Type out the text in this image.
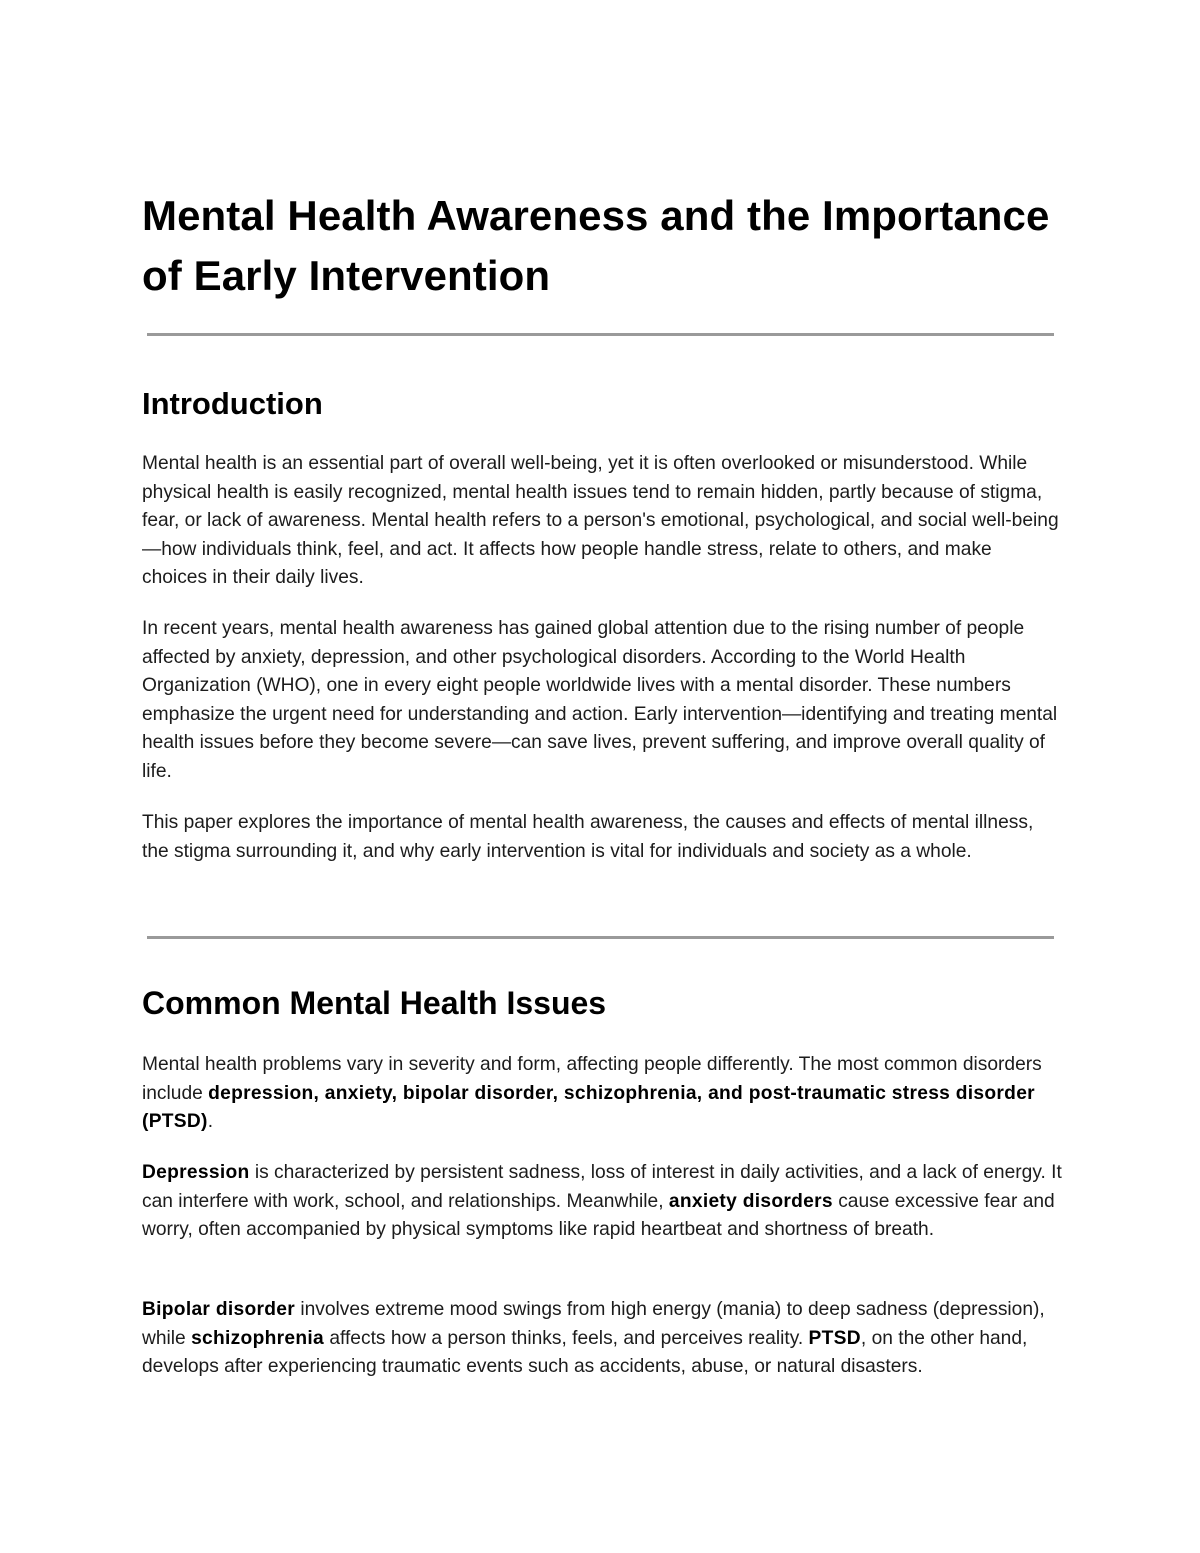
Mental Health Awareness and the Importance of Early Intervention
Introduction

Mental health is an essential part of overall well-being, yet it is often overlooked or misunderstood. While physical health is easily recognized, mental health issues tend to remain hidden, partly because of stigma, fear, or lack of awareness. Mental health refers to a person's emotional, psychological, and social well-being—how individuals think, feel, and act. It affects how people handle stress, relate to others, and make choices in their daily lives.

In recent years, mental health awareness has gained global attention due to the rising number of people affected by anxiety, depression, and other psychological disorders. According to the World Health Organization (WHO), one in every eight people worldwide lives with a mental disorder. These numbers emphasize the urgent need for understanding and action. Early intervention—identifying and treating mental health issues before they become severe—can save lives, prevent suffering, and improve overall quality of life.

This paper explores the importance of mental health awareness, the causes and effects of mental illness, the stigma surrounding it, and why early intervention is vital for individuals and society as a whole.

Common Mental Health Issues

Mental health problems vary in severity and form, affecting people differently. The most common disorders include depression, anxiety, bipolar disorder, schizophrenia, and post-traumatic stress disorder (PTSD).

Depression is characterized by persistent sadness, loss of interest in daily activities, and a lack of energy. It can interfere with work, school, and relationships. Meanwhile, anxiety disorders cause excessive fear and worry, often accompanied by physical symptoms like rapid heartbeat and shortness of breath.

Bipolar disorder involves extreme mood swings from high energy (mania) to deep sadness (depression), while schizophrenia affects how a person thinks, feels, and perceives reality. PTSD, on the other hand, develops after experiencing traumatic events such as accidents, abuse, or natural disasters.
